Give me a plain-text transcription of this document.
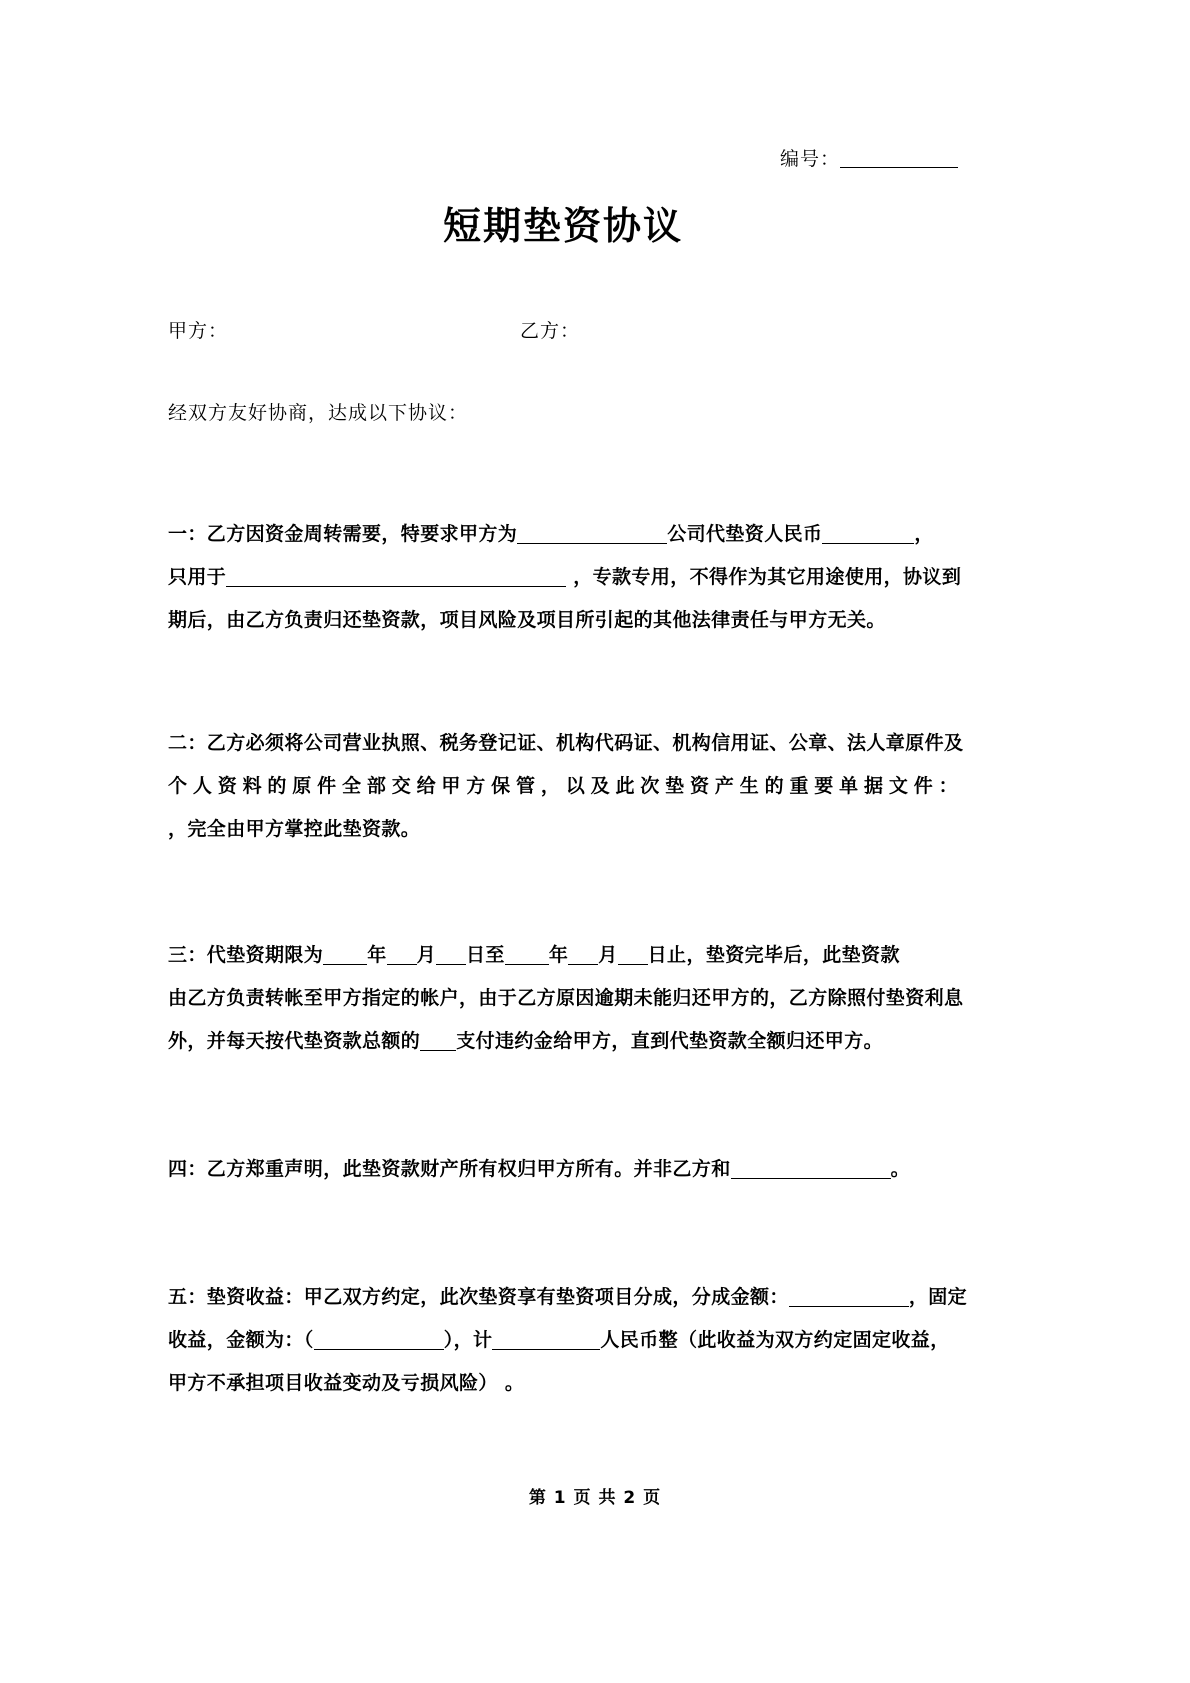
编号：
短期垫资协议
甲方：	乙方：
经双方友好协商，达成以下协议：
一：乙方因资金周转需要，特要求甲方为	公司代垫资人民币	，
只用于	，专款专用，不得作为其它用途使用，协议到
期后，由乙方负责归还垫资款，项目风险及项目所引起的其他法律责任与甲方无关。
二：乙方必须将公司营业执照、税务登记证、机构代码证、机构信用证、公章、法人章原件及
个人资料的原件全部交给甲方保管，以及此次垫资产生的重要单据文件：
，完全由甲方掌控此垫资款。
三：代垫资期限为 年 月 日至 年 月 日止，垫资完毕后，此垫资款
由乙方负责转帐至甲方指定的帐户，由于乙方原因逾期未能归还甲方的，乙方除照付垫资利息
外，并每天按代垫资款总额的 支付违约金给甲方，直到代垫资款全额归还甲方。
四：乙方郑重声明，此垫资款财产所有权归甲方所有。并非乙方和	。
五：垫资收益：甲乙双方约定，此次垫资享有垫资项目分成，分成金额：	，固定
收益，金额为：（	），计	人民币整（此收益为双方约定固定收益，
甲方不承担项目收益变动及亏损风险） 。
第 1 页 共 2 页
